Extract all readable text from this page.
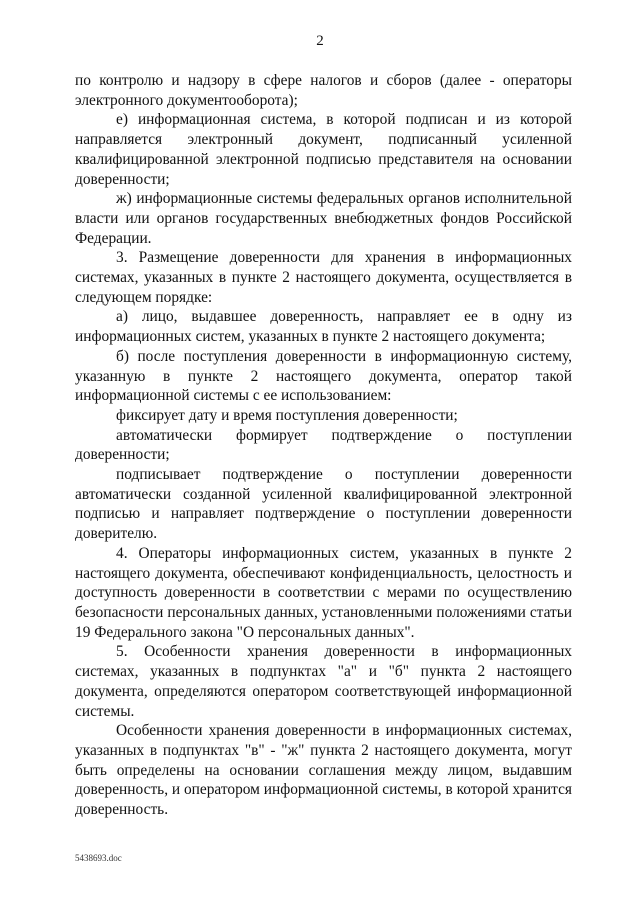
2

по контролю и надзору в сфере налогов и сборов (далее - операторы электронного документооборота);

е) информационная система, в которой подписан и из которой направляется электронный документ, подписанный усиленной квалифицированной электронной подписью представителя на основании доверенности;

ж) информационные системы федеральных органов исполнительной власти или органов государственных внебюджетных фондов Российской Федерации.

3. Размещение доверенности для хранения в информационных системах, указанных в пункте 2 настоящего документа, осуществляется в следующем порядке:

а) лицо, выдавшее доверенность, направляет ее в одну из информационных систем, указанных в пункте 2 настоящего документа;

б) после поступления доверенности в информационную систему, указанную в пункте 2 настоящего документа, оператор такой информационной системы с ее использованием:

фиксирует дату и время поступления доверенности;

автоматически формирует подтверждение о поступлении доверенности;

подписывает подтверждение о поступлении доверенности автоматически созданной усиленной квалифицированной электронной подписью и направляет подтверждение о поступлении доверенности доверителю.

4. Операторы информационных систем, указанных в пункте 2 настоящего документа, обеспечивают конфиденциальность, целостность и доступность доверенности в соответствии с мерами по осуществлению безопасности персональных данных, установленными положениями статьи 19 Федерального закона "О персональных данных".

5. Особенности хранения доверенности в информационных системах, указанных в подпунктах "а" и "б" пункта 2 настоящего документа, определяются оператором соответствующей информационной системы.

Особенности хранения доверенности в информационных системах, указанных в подпунктах "в" - "ж" пункта 2 настоящего документа, могут быть определены на основании соглашения между лицом, выдавшим доверенность, и оператором информационной системы, в которой хранится доверенность.

5438693.doc
